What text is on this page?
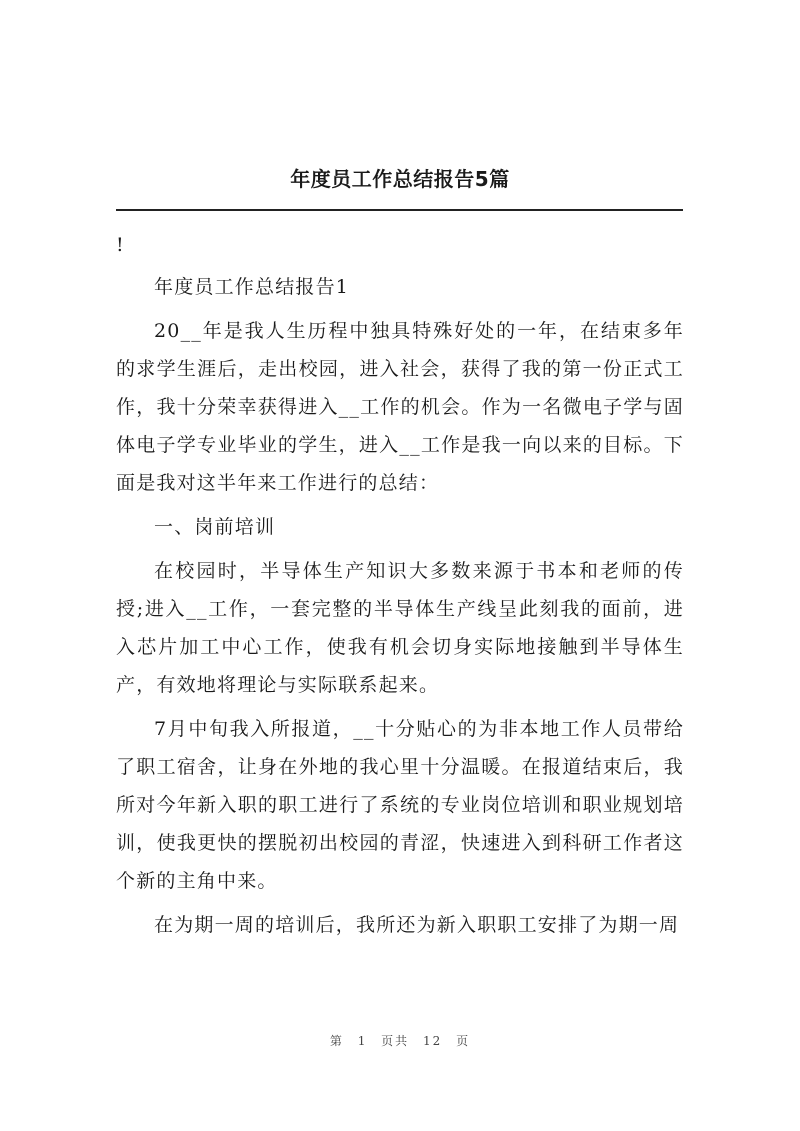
年度员工作总结报告5篇
!

年度员工作总结报告1

20__年是我人生历程中独具特殊好处的一年，在结束多年的求学生涯后，走出校园，进入社会，获得了我的第一份正式工作，我十分荣幸获得进入__工作的机会。作为一名微电子学与固体电子学专业毕业的学生，进入__工作是我一向以来的目标。下面是我对这半年来工作进行的总结：

一、岗前培训

在校园时，半导体生产知识大多数来源于书本和老师的传授;进入__工作，一套完整的半导体生产线呈此刻我的面前，进入芯片加工中心工作，使我有机会切身实际地接触到半导体生产，有效地将理论与实际联系起来。

7月中旬我入所报道，__十分贴心的为非本地工作人员带给了职工宿舍，让身在外地的我心里十分温暖。在报道结束后，我所对今年新入职的职工进行了系统的专业岗位培训和职业规划培训，使我更快的摆脱初出校园的青涩，快速进入到科研工作者这个新的主角中来。

在为期一周的培训后，我所还为新入职职工安排了为期一周

第 1 页共 12 页
